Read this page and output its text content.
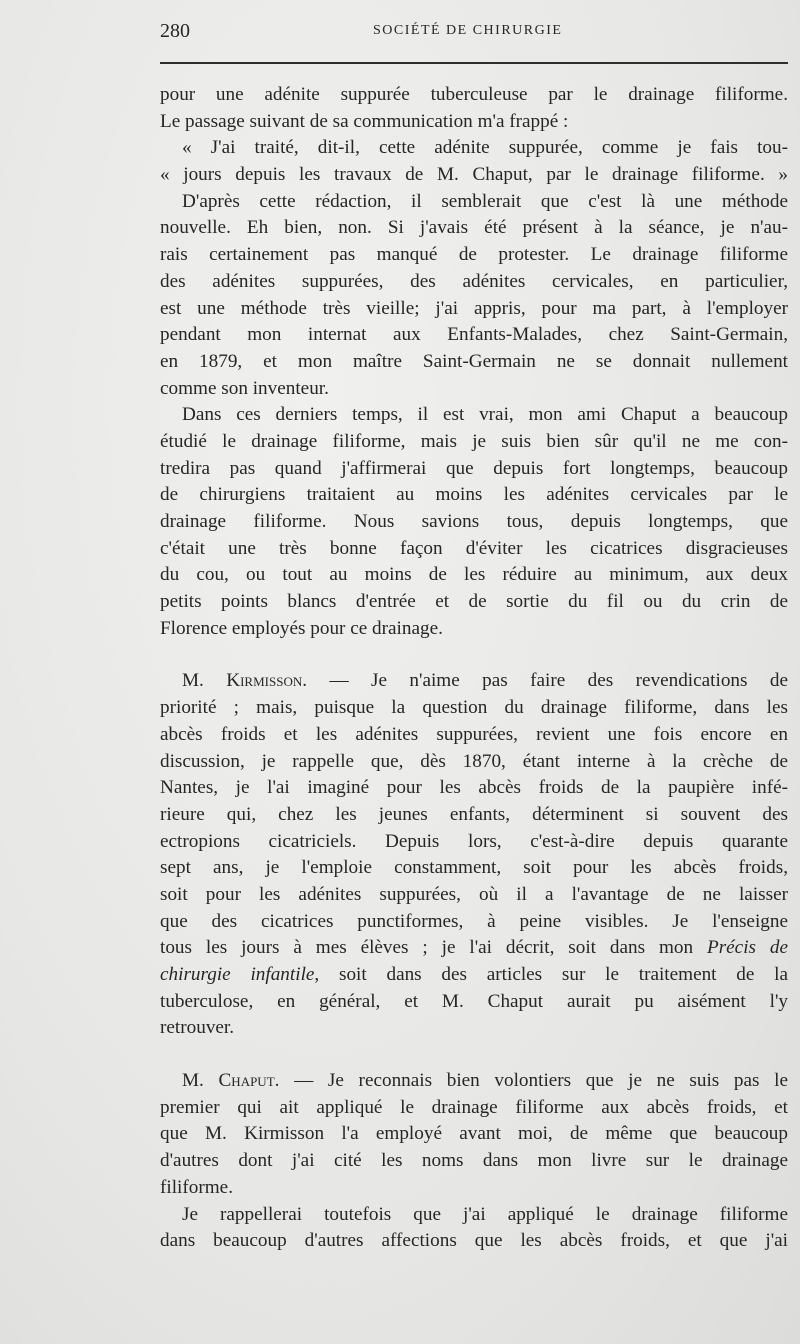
280	SOCIÉTÉ DE CHIRURGIE
pour une adénite suppurée tuberculeuse par le drainage filiforme.
Le passage suivant de sa communication m'a frappé :
« J'ai traité, dit-il, cette adénite suppurée, comme je fais tou-
« jours depuis les travaux de M. Chaput, par le drainage filiforme. »
D'après cette rédaction, il semblerait que c'est là une méthode
nouvelle. Eh bien, non. Si j'avais été présent à la séance, je n'au-
rais certainement pas manqué de protester. Le drainage filiforme
des adénites suppurées, des adénites cervicales, en particulier,
est une méthode très vieille; j'ai appris, pour ma part, à l'employer
pendant mon internat aux Enfants-Malades, chez Saint-Germain,
en 1879, et mon maître Saint-Germain ne se donnait nullement
comme son inventeur.
Dans ces derniers temps, il est vrai, mon ami Chaput a beaucoup
étudié le drainage filiforme, mais je suis bien sûr qu'il ne me con-
tredira pas quand j'affirmerai que depuis fort longtemps, beaucoup
de chirurgiens traitaient au moins les adénites cervicales par le
drainage filiforme. Nous savions tous, depuis longtemps, que
c'était une très bonne façon d'éviter les cicatrices disgracieuses
du cou, ou tout au moins de les réduire au minimum, aux deux
petits points blancs d'entrée et de sortie du fil ou du crin de
Florence employés pour ce drainage.
M. Kirmisson. — Je n'aime pas faire des revendications de
priorité ; mais, puisque la question du drainage filiforme, dans les
abcès froids et les adénites suppurées, revient une fois encore en
discussion, je rappelle que, dès 1870, étant interne à la crèche de
Nantes, je l'ai imaginé pour les abcès froids de la paupière infé-
rieure qui, chez les jeunes enfants, déterminent si souvent des
ectropions cicatriciels. Depuis lors, c'est-à-dire depuis quarante
sept ans, je l'emploie constamment, soit pour les abcès froids,
soit pour les adénites suppurées, où il a l'avantage de ne laisser
que des cicatrices punctiformes, à peine visibles. Je l'enseigne
tous les jours à mes élèves ; je l'ai décrit, soit dans mon Précis de
chirurgie infantile, soit dans des articles sur le traitement de la
tuberculose, en général, et M. Chaput aurait pu aisément l'y
retrouver.
M. Chaput. — Je reconnais bien volontiers que je ne suis pas le
premier qui ait appliqué le drainage filiforme aux abcès froids, et
que M. Kirmisson l'a employé avant moi, de même que beaucoup
d'autres dont j'ai cité les noms dans mon livre sur le drainage
filiforme.
Je rappellerai toutefois que j'ai appliqué le drainage filiforme
dans beaucoup d'autres affections que les abcès froids, et que j'ai
